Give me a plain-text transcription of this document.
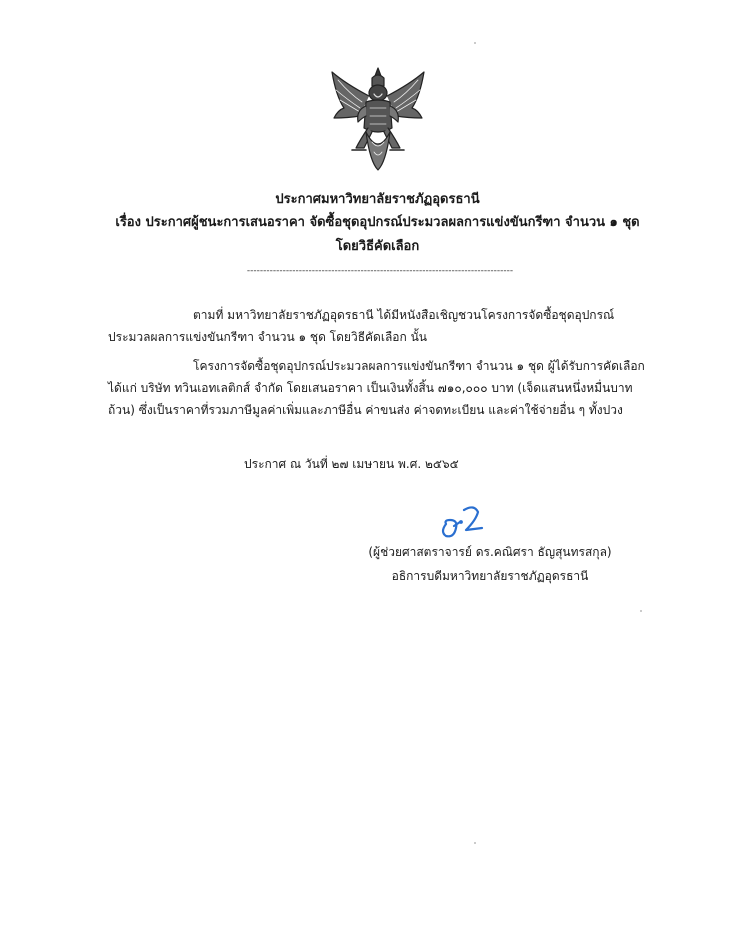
ประกาศมหาวิทยาลัยราชภัฏอุดรธานี
เรื่อง ประกาศผู้ชนะการเสนอราคา จัดซื้อชุดอุปกรณ์ประมวลผลการแข่งขันกรีฑา จำนวน ๑ ชุด
โดยวิธีคัดเลือก
----------------------------------------------------------------------------------

ตามที่ มหาวิทยาลัยราชภัฏอุดรธานี ได้มีหนังสือเชิญชวนโครงการจัดซื้อชุดอุปกรณ์
ประมวลผลการแข่งขันกรีฑา จำนวน ๑ ชุด โดยวิธีคัดเลือก นั้น

โครงการจัดซื้อชุดอุปกรณ์ประมวลผลการแข่งขันกรีฑา จำนวน ๑ ชุด ผู้ได้รับการคัดเลือก
ได้แก่ บริษัท ทวินเอทเลติกส์ จำกัด โดยเสนอราคา เป็นเงินทั้งสิ้น ๗๑๐,๐๐๐ บาท (เจ็ดแสนหนึ่งหมื่นบาท
ถ้วน) ซึ่งเป็นราคาที่รวมภาษีมูลค่าเพิ่มและภาษีอื่น ค่าขนส่ง ค่าจดทะเบียน และค่าใช้จ่ายอื่น ๆ ทั้งปวง

ประกาศ ณ วันที่ ๒๗ เมษายน พ.ศ. ๒๕๖๕
(ผู้ช่วยศาสตราจารย์ ดร.คณิศรา ธัญสุนทรสกุล)
อธิการบดีมหาวิทยาลัยราชภัฏอุดรธานี
